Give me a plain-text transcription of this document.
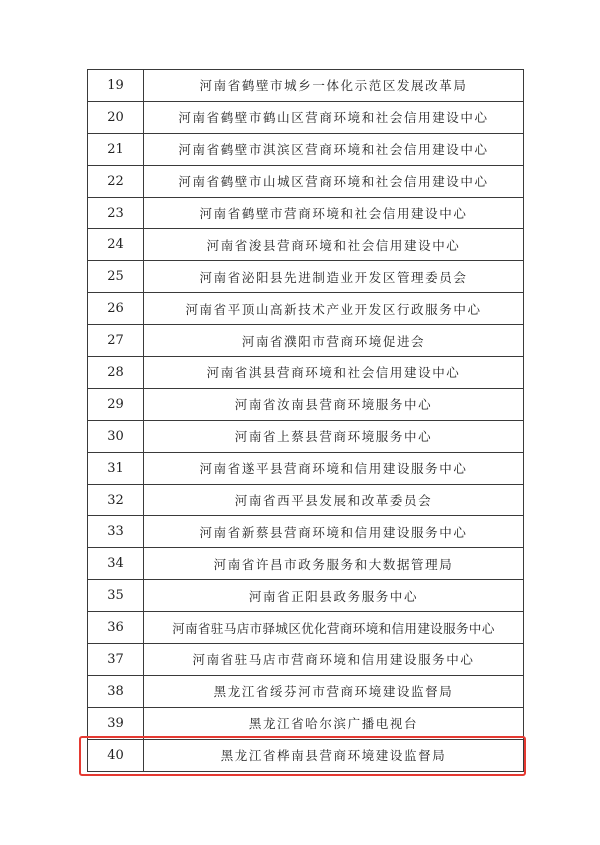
19	河南省鹤壁市城乡一体化示范区发展改革局
20	河南省鹤壁市鹤山区营商环境和社会信用建设中心
21	河南省鹤壁市淇滨区营商环境和社会信用建设中心
22	河南省鹤壁市山城区营商环境和社会信用建设中心
23	河南省鹤壁市营商环境和社会信用建设中心
24	河南省浚县营商环境和社会信用建设中心
25	河南省泌阳县先进制造业开发区管理委员会
26	河南省平顶山高新技术产业开发区行政服务中心
27	河南省濮阳市营商环境促进会
28	河南省淇县营商环境和社会信用建设中心
29	河南省汝南县营商环境服务中心
30	河南省上蔡县营商环境服务中心
31	河南省遂平县营商环境和信用建设服务中心
32	河南省西平县发展和改革委员会
33	河南省新蔡县营商环境和信用建设服务中心
34	河南省许昌市政务服务和大数据管理局
35	河南省正阳县政务服务中心
36	河南省驻马店市驿城区优化营商环境和信用建设服务中心
37	河南省驻马店市营商环境和信用建设服务中心
38	黑龙江省绥芬河市营商环境建设监督局
39	黑龙江省哈尔滨广播电视台
40	黑龙江省桦南县营商环境建设监督局
